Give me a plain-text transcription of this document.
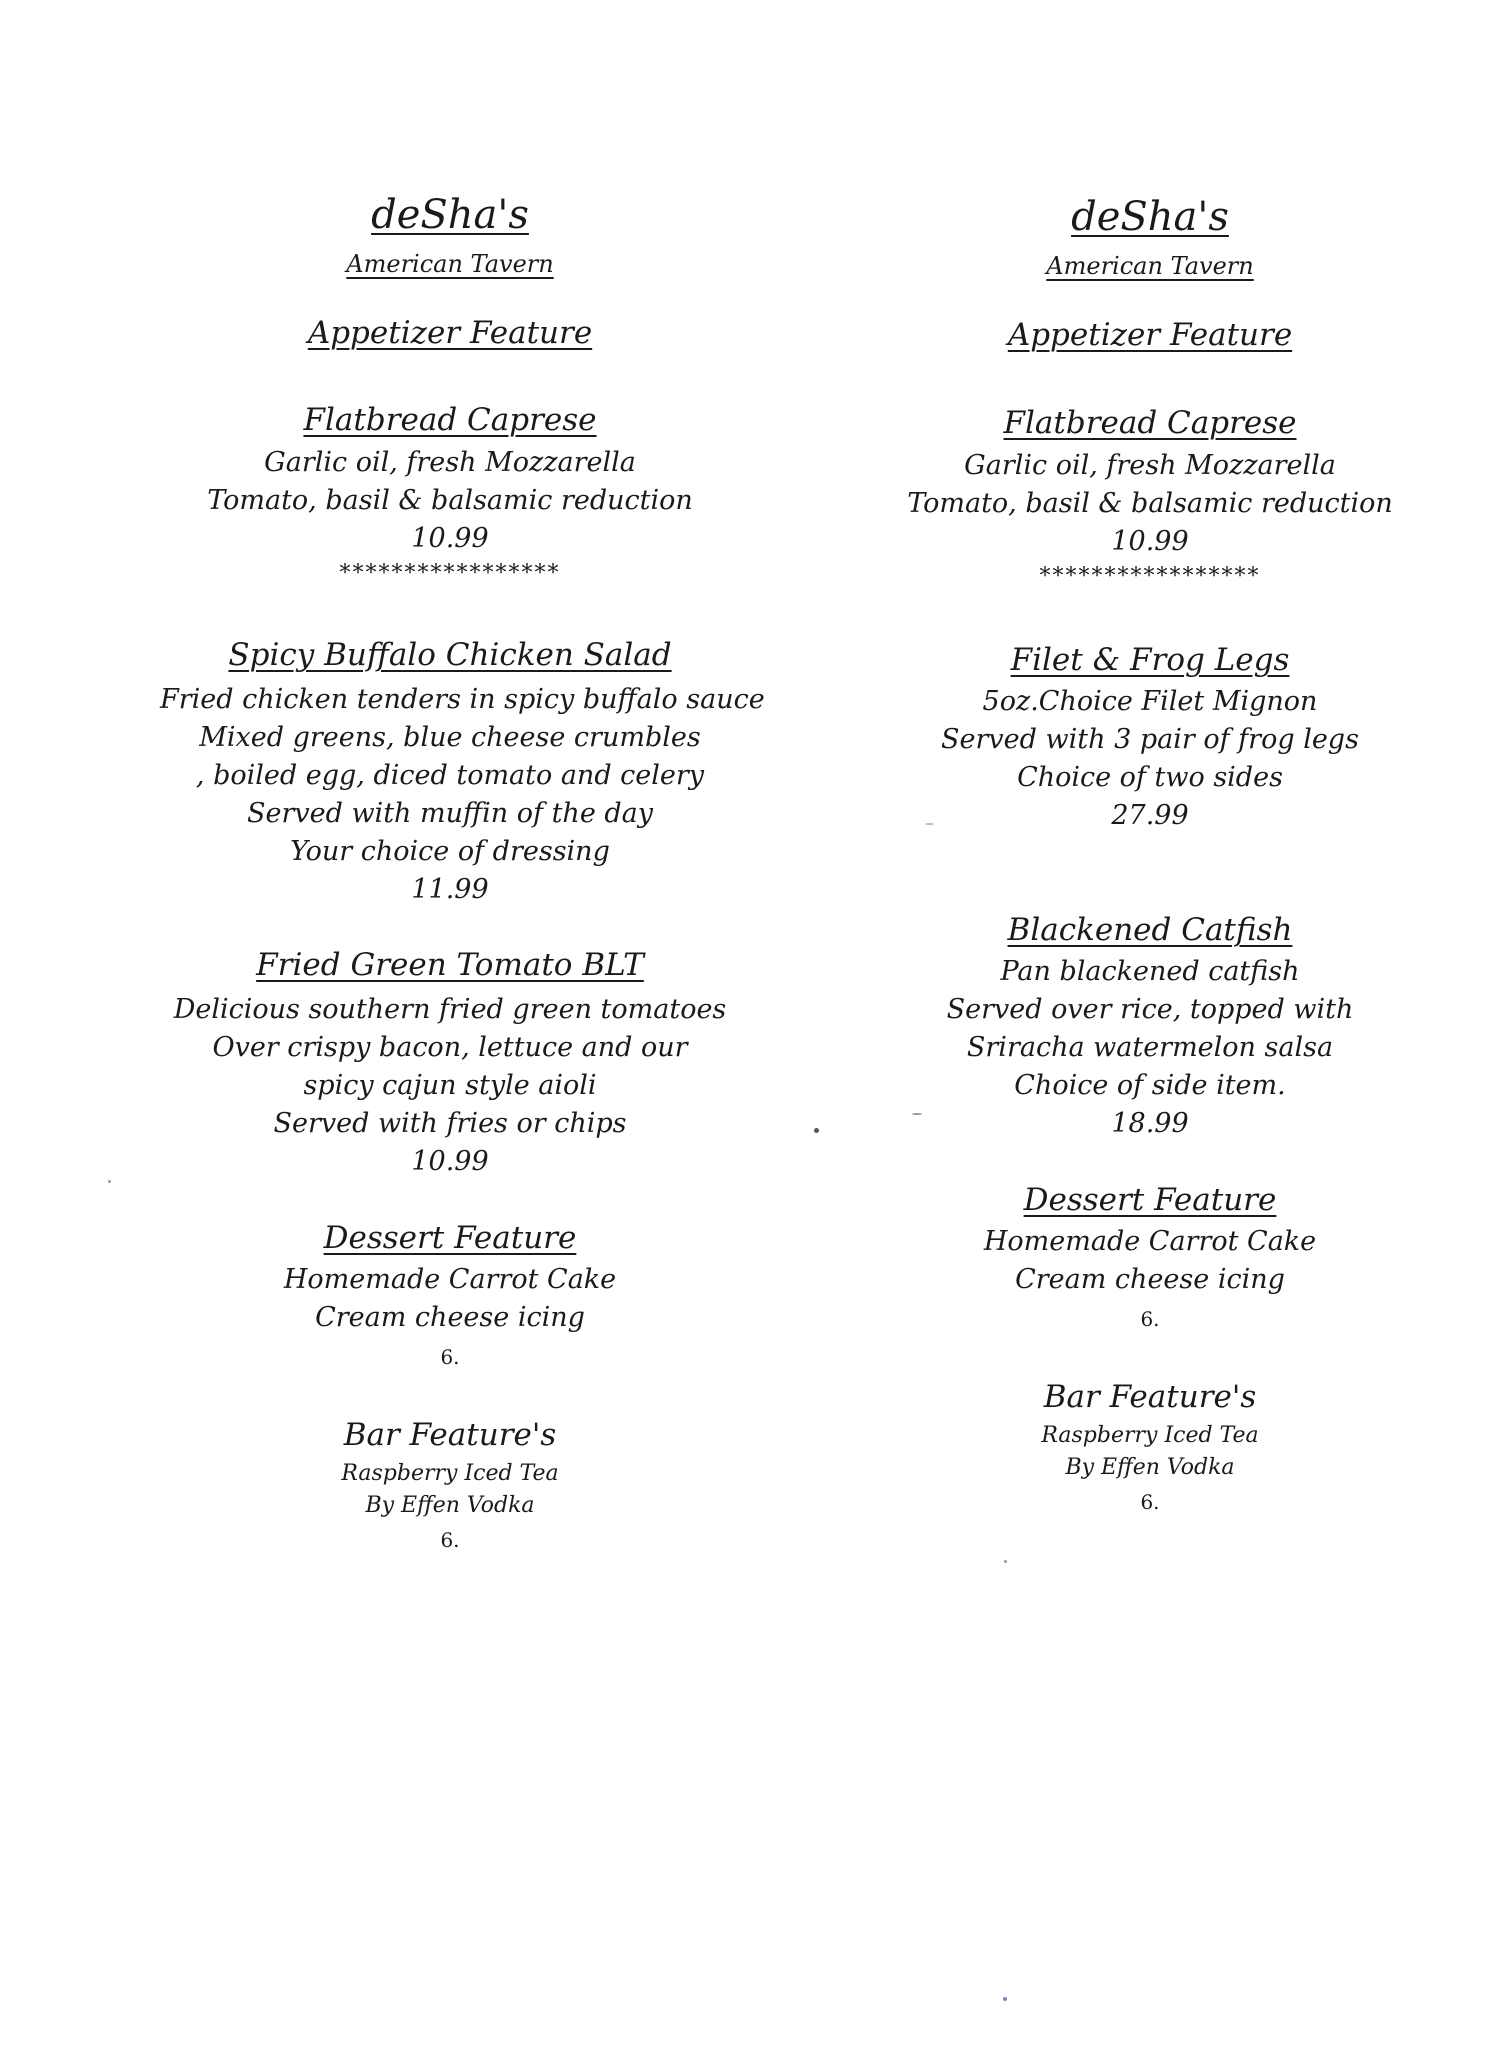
deSha's
American Tavern
Appetizer Feature
Flatbread Caprese
Garlic oil, fresh Mozzarella
Tomato, basil & balsamic reduction
10.99
*****************
Spicy Buffalo Chicken Salad
Fried chicken tenders in spicy buffalo sauce
Mixed greens, blue cheese crumbles
, boiled egg, diced tomato and celery
Served with muffin of the day
Your choice of dressing
11.99
Fried Green Tomato BLT
Delicious southern fried green tomatoes
Over crispy bacon, lettuce and our
spicy cajun style aioli
Served with fries or chips
10.99
Dessert Feature
Homemade Carrot Cake
Cream cheese icing
6.
Bar Feature's
Raspberry Iced Tea
By Effen Vodka
6.
deSha's
American Tavern
Appetizer Feature
Flatbread Caprese
Garlic oil, fresh Mozzarella
Tomato, basil & balsamic reduction
10.99
*****************
Filet & Frog Legs
5oz.Choice Filet Mignon
Served with 3 pair of frog legs
Choice of two sides
27.99
Blackened Catfish
Pan blackened catfish
Served over rice, topped with
Sriracha watermelon salsa
Choice of side item.
18.99
Dessert Feature
Homemade Carrot Cake
Cream cheese icing
6.
Bar Feature's
Raspberry Iced Tea
By Effen Vodka
6.
